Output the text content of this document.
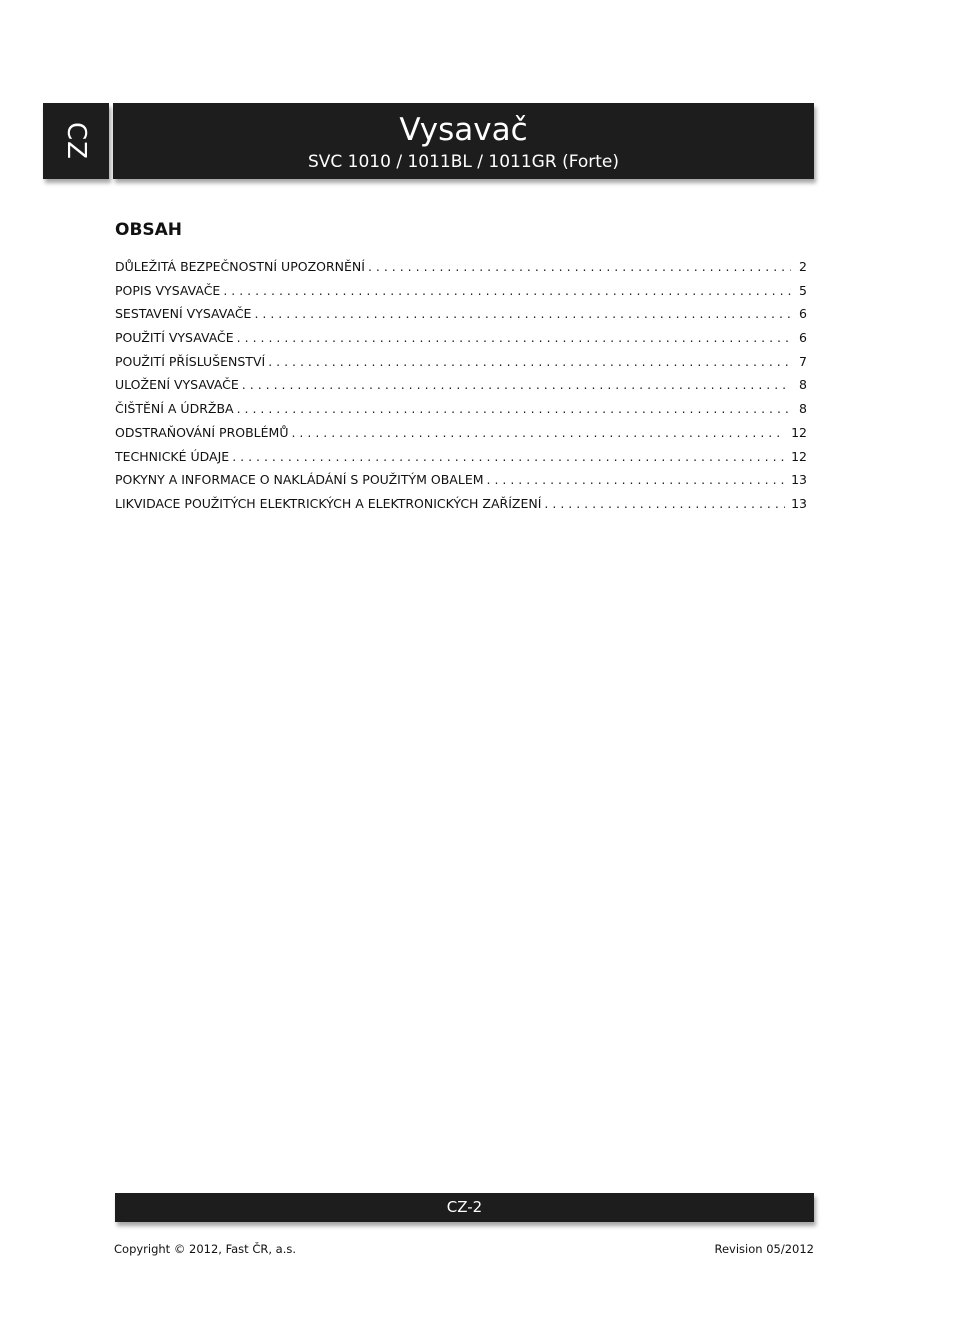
CZ	Vysavač
SVC 1010 / 1011BL / 1011GR (Forte)
OBSAH
DŮLEŽITÁ BEZPEČNOSTNÍ UPOZORNĚNÍ . . .	2
POPIS VYSAVAČE . . .	5
SESTAVENÍ VYSAVAČE . . .	6
POUŽITÍ VYSAVAČE . . .	6
POUŽITÍ PŘÍSLUŠENSTVÍ . . .	7
ULOŽENÍ VYSAVAČE . . .	8
ČIŠTĚNÍ A ÚDRŽBA . . .	8
ODSTRAŇOVÁNÍ PROBLÉMŮ . . .	12
TECHNICKÉ ÚDAJE . . .	12
POKYNY A INFORMACE O NAKLÁDÁNÍ S POUŽITÝM OBALEM . . .	13
LIKVIDACE POUŽITÝCH ELEKTRICKÝCH A ELEKTRONICKÝCH ZAŘÍZENÍ . . .	13
CZ-2
Copyright © 2012, Fast ČR, a.s.	Revision 05/2012
